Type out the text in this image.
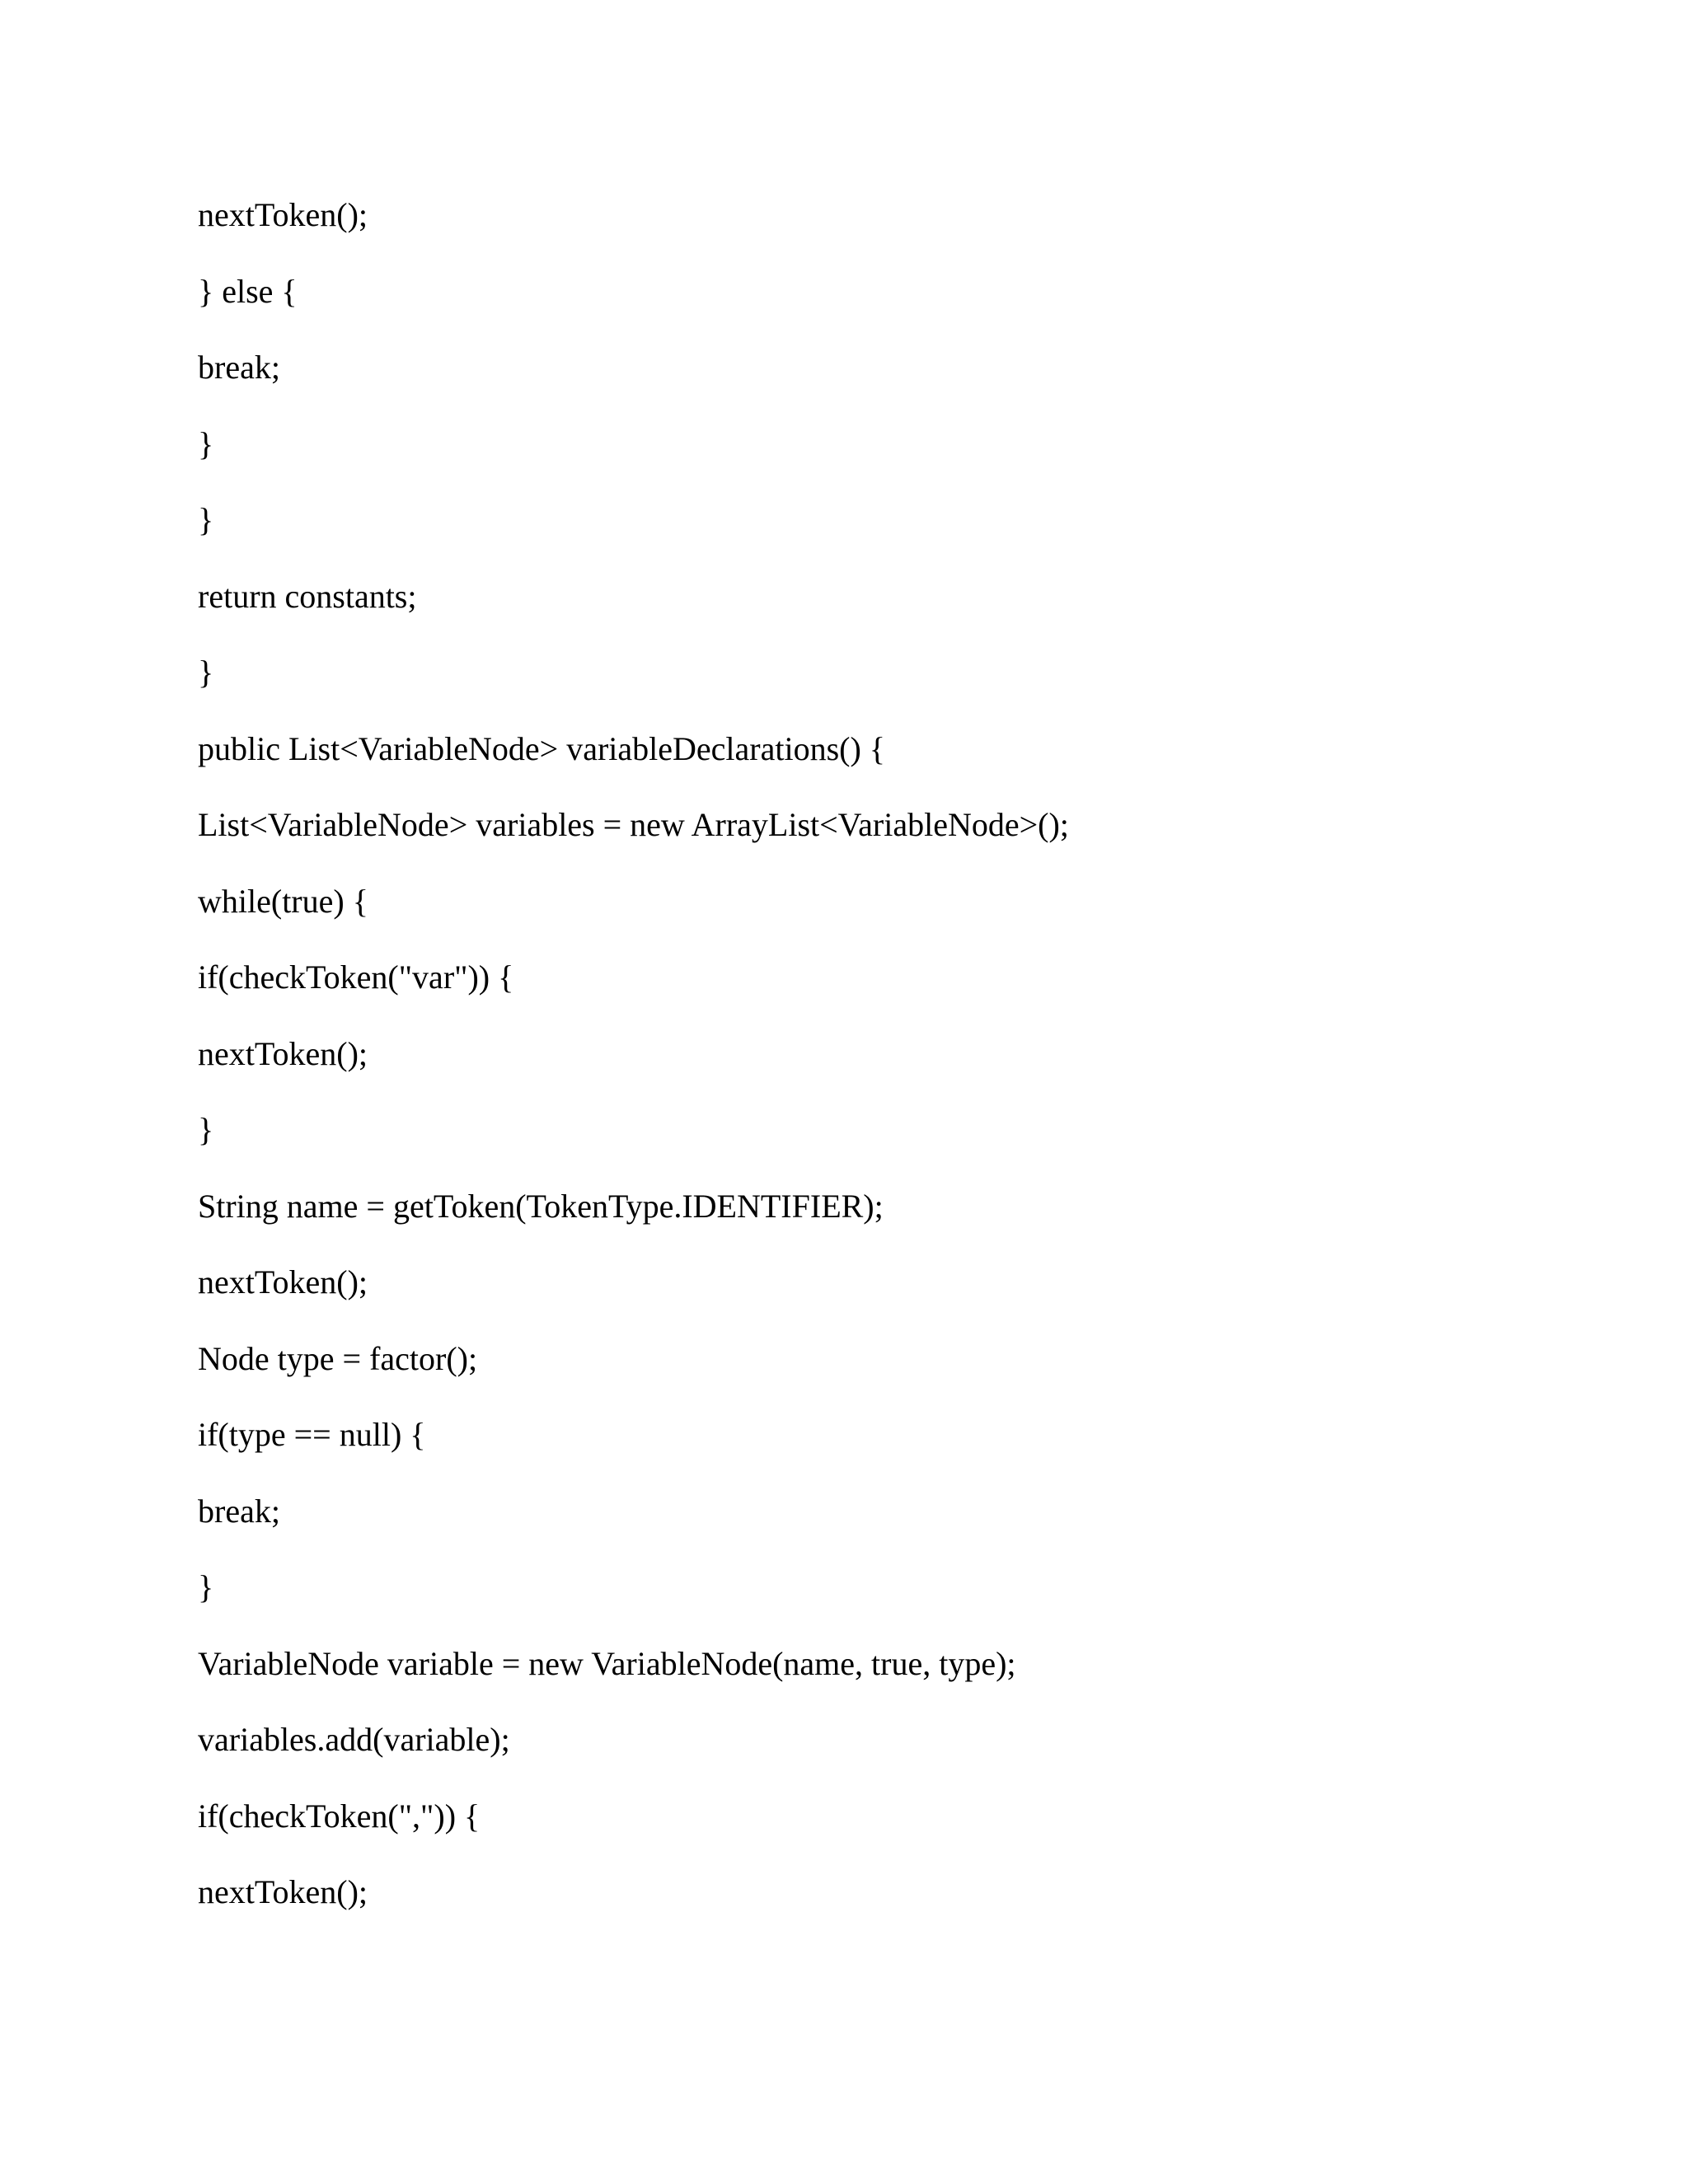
nextToken();
} else {
break;
}
}
return constants;
}
public List<VariableNode> variableDeclarations() {
List<VariableNode> variables = new ArrayList<VariableNode>();
while(true) {
if(checkToken("var")) {
nextToken();
}
String name = getToken(TokenType.IDENTIFIER);
nextToken();
Node type = factor();
if(type == null) {
break;
}
VariableNode variable = new VariableNode(name, true, type);
variables.add(variable);
if(checkToken(",")) {
nextToken();
